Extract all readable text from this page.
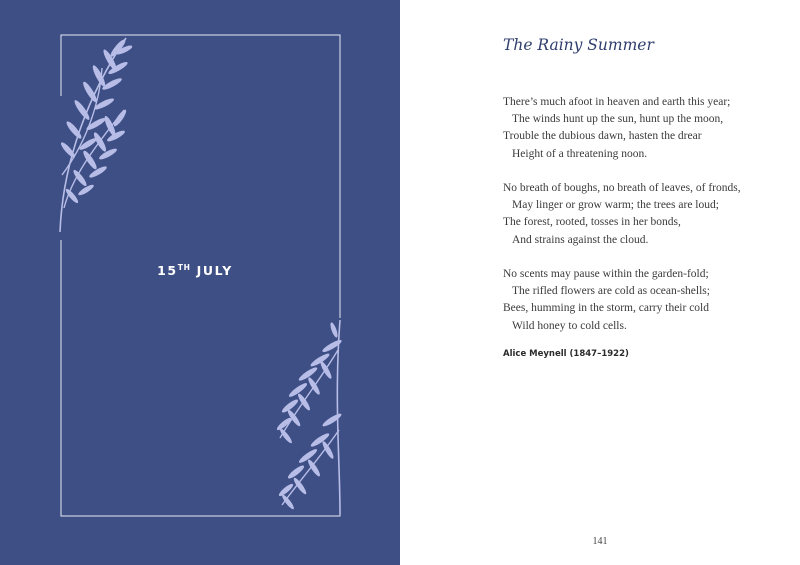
15TH JULY
The Rainy Summer
There’s much afoot in heaven and earth this year;
The winds hunt up the sun, hunt up the moon,
Trouble the dubious dawn, hasten the drear
Height of a threatening noon.
No breath of boughs, no breath of leaves, of fronds,
May linger or grow warm; the trees are loud;
The forest, rooted, tosses in her bonds,
And strains against the cloud.
No scents may pause within the garden-fold;
The rifled flowers are cold as ocean-shells;
Bees, humming in the storm, carry their cold
Wild honey to cold cells.
Alice Meynell (1847–1922)
141
